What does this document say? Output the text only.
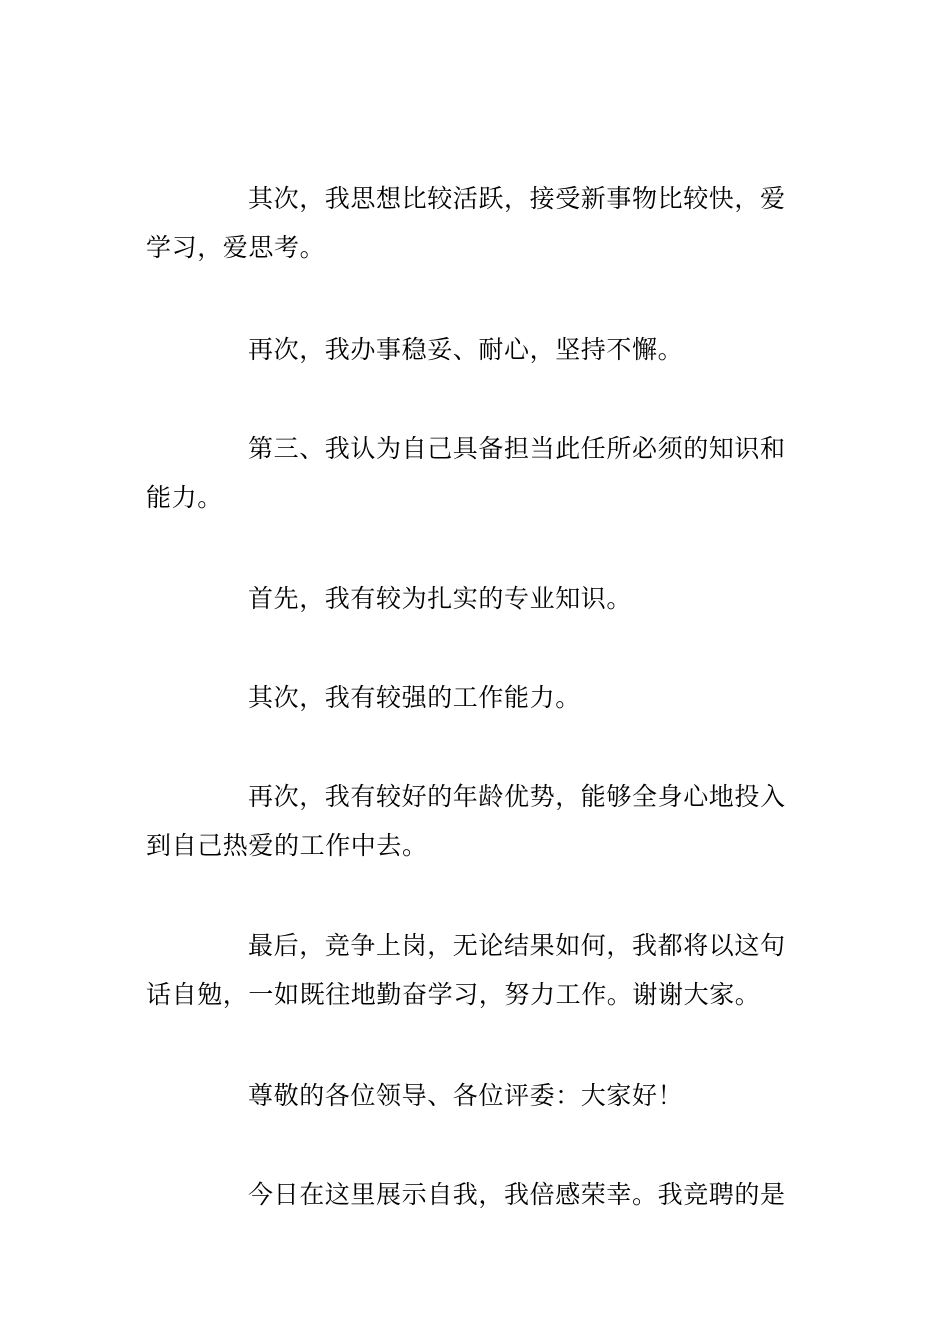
其次，我思想比较活跃，接受新事物比较快，爱
学习，爱思考。

再次，我办事稳妥、耐心，坚持不懈。

第三、我认为自己具备担当此任所必须的知识和
能力。

首先，我有较为扎实的专业知识。

其次，我有较强的工作能力。

再次，我有较好的年龄优势，能够全身心地投入
到自己热爱的工作中去。

最后，竞争上岗，无论结果如何，我都将以这句
话自勉，一如既往地勤奋学习，努力工作。谢谢大家。

尊敬的各位领导、各位评委：大家好！

今日在这里展示自我，我倍感荣幸。我竞聘的是
